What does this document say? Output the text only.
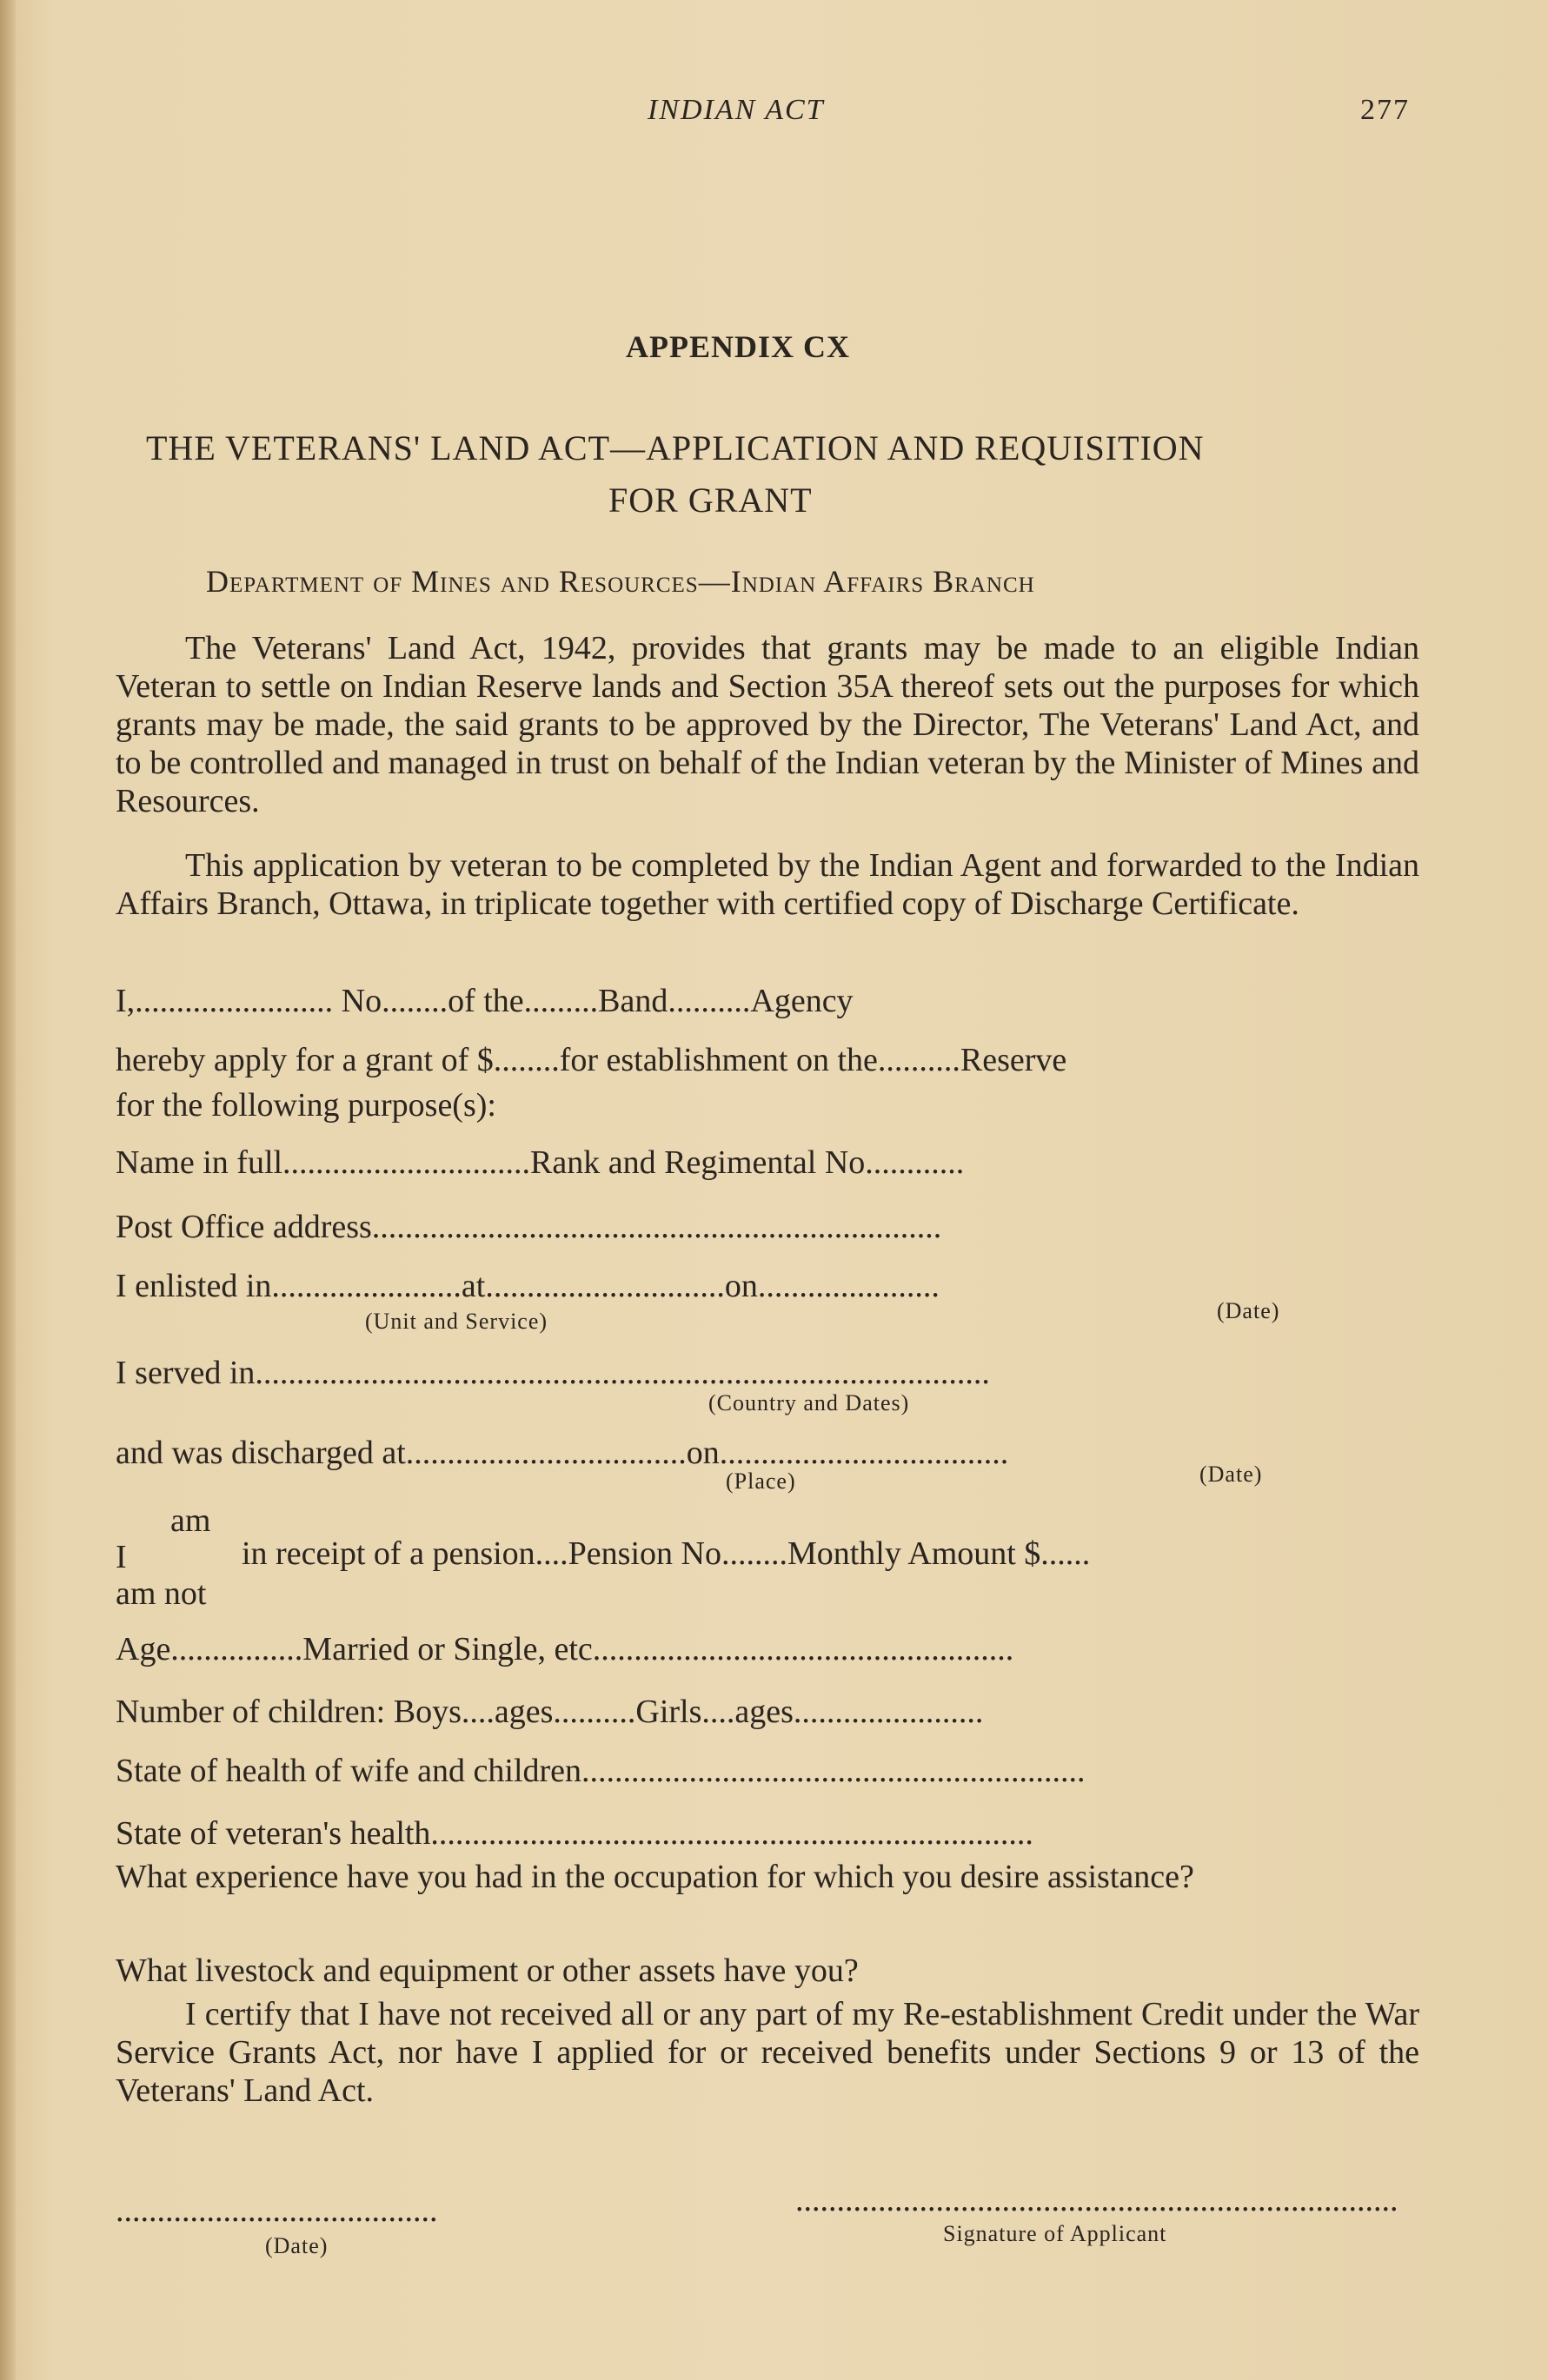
INDIAN ACT	277
APPENDIX CX
THE VETERANS' LAND ACT—APPLICATION AND REQUISITION
FOR GRANT
Department of Mines and Resources—Indian Affairs Branch
The Veterans' Land Act, 1942, provides that grants may be made to an eligible Indian Veteran to settle on Indian Reserve lands and Section 35A thereof sets out the purposes for which grants may be made, the said grants to be approved by the Director, The Veterans' Land Act, and to be controlled and managed in trust on behalf of the Indian veteran by the Minister of Mines and Resources.
This application by veteran to be completed by the Indian Agent and forwarded to the Indian Affairs Branch, Ottawa, in triplicate together with certified copy of Discharge Certificate.
I,........................ No........of the.........Band..........Agency
hereby apply for a grant of $........for establishment on the..........Reserve
for the following purpose(s):
Name in full..............................Rank and Regimental No............
Post Office address.....................................................................
I enlisted in.......................at.............................on......................
(Unit and Service)	(Date)
I served in.........................................................................................
(Country and Dates)
and was discharged at..................................on...................................
(Place)	(Date)
am
I	in receipt of a pension....Pension No........Monthly Amount $......
am not
Age................Married or Single, etc...................................................
Number of children: Boys....ages..........Girls....ages.......................
State of health of wife and children.............................................................
State of veteran's health.........................................................................
What experience have you had in the occupation for which you desire assistance?
What livestock and equipment or other assets have you?
I certify that I have not received all or any part of my Re-establishment Credit under the War Service Grants Act, nor have I applied for or received benefits under Sections 9 or 13 of the Veterans' Land Act.
.......................................
(Date)
.........................................................................
Signature of Applicant
